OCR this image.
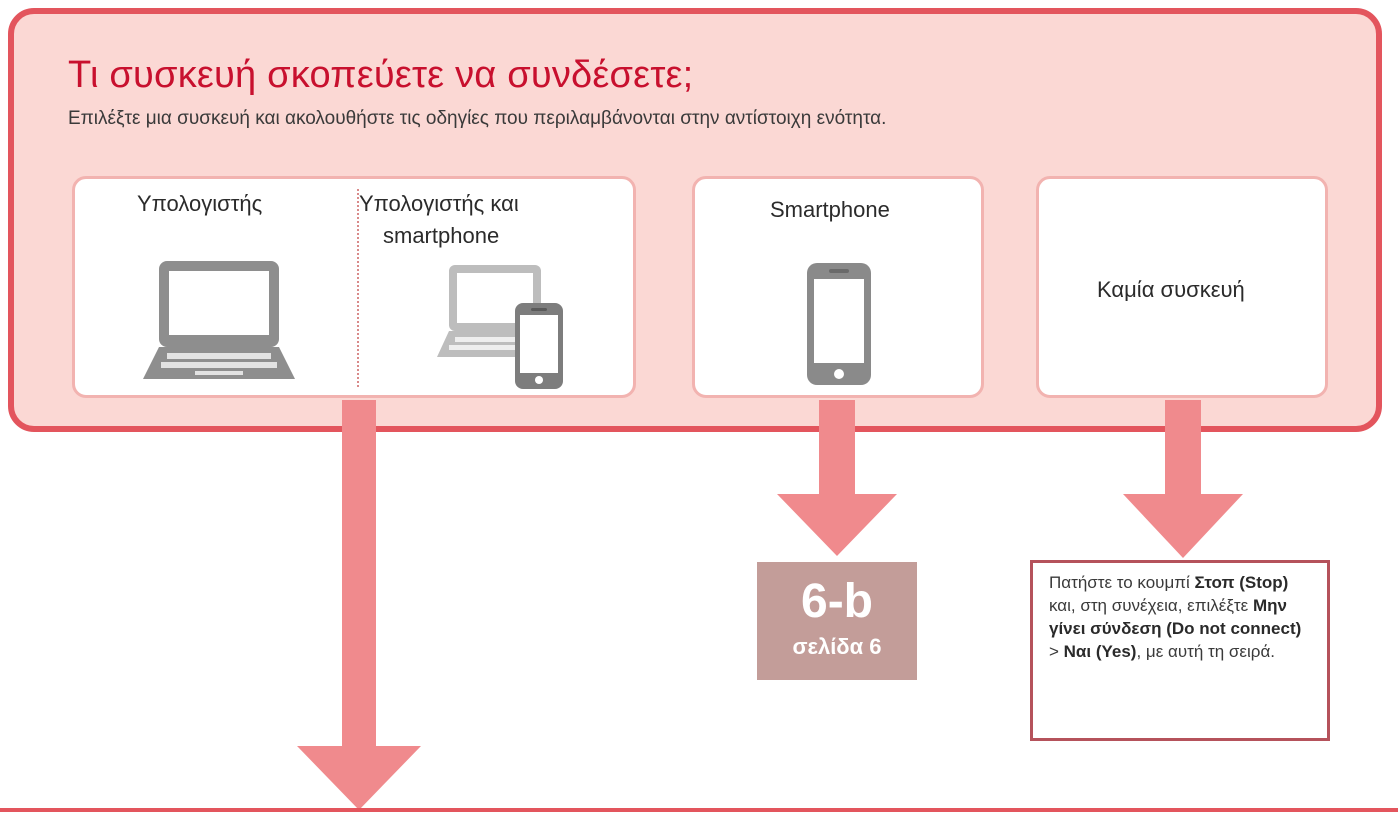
Τι συσκευή σκοπεύετε να συνδέσετε;

Επιλέξτε μια συσκευή και ακολουθήστε τις οδηγίες που περιλαμβάνονται στην αντίστοιχη ενότητα.

Υπολογιστής	Υπολογιστής και
smartphone
Smartphone
Καμία συσκευή
6-b
σελίδα 6
Πατήστε το κουμπί Στοπ (Stop) και, στη συνέχεια, επιλέξτε Μην γίνει σύνδεση (Do not connect) > Ναι (Yes), με αυτή τη σειρά.
